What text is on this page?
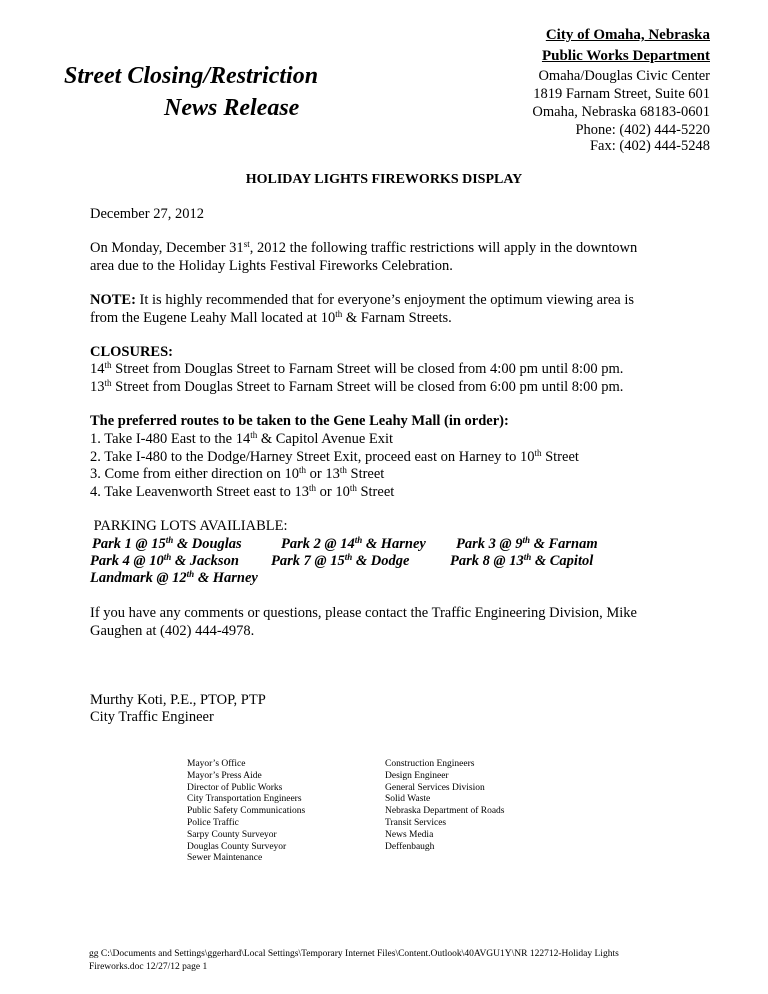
Street Closing/Restriction
News Release
City of Omaha, Nebraska
Public Works Department
Omaha/Douglas Civic Center
1819 Farnam Street, Suite 601
Omaha, Nebraska 68183-0601
Phone: (402) 444-5220
Fax: (402) 444-5248
HOLIDAY LIGHTS FIREWORKS DISPLAY
December 27, 2012
On Monday, December 31st, 2012 the following traffic restrictions will apply in the downtown
area due to the Holiday Lights Festival Fireworks Celebration.
NOTE: It is highly recommended that for everyone’s enjoyment the optimum viewing area is
from the Eugene Leahy Mall located at 10th & Farnam Streets.
CLOSURES:
14th Street from Douglas Street to Farnam Street will be closed from 4:00 pm until 8:00 pm.
13th Street from Douglas Street to Farnam Street will be closed from 6:00 pm until 8:00 pm.
The preferred routes to be taken to the Gene Leahy Mall (in order):
1. Take I-480 East to the 14th & Capitol Avenue Exit
2. Take I-480 to the Dodge/Harney Street Exit, proceed east on Harney to 10th Street
3. Come from either direction on 10th or 13th Street
4. Take Leavenworth Street east to 13th or 10th Street
PARKING LOTS AVAILIABLE:
Park 1 @ 15th & Douglas	Park 2 @ 14th & Harney Park 3 @ 9th & Farnam
Park 4 @ 10th & Jackson Park 7 @ 15th & Dodge	Park 8 @ 13th & Capitol
Landmark @ 12th & Harney
If you have any comments or questions, please contact the Traffic Engineering Division, Mike
Gaughen at (402) 444-4978.
Murthy Koti, P.E., PTOP, PTP
City Traffic Engineer
Mayor’s Office
Mayor’s Press Aide
Director of Public Works
City Transportation Engineers
Public Safety Communications
Police Traffic
Sarpy County Surveyor
Douglas County Surveyor
Sewer Maintenance
Construction Engineers
Design Engineer
General Services Division
Solid Waste
Nebraska Department of Roads
Transit Services
News Media
Deffenbaugh
gg C:\Documents and Settings\ggerhard\Local Settings\Temporary Internet Files\Content.Outlook\40AVGU1Y\NR 122712-Holiday Lights
Fireworks.doc 12/27/12 page 1
